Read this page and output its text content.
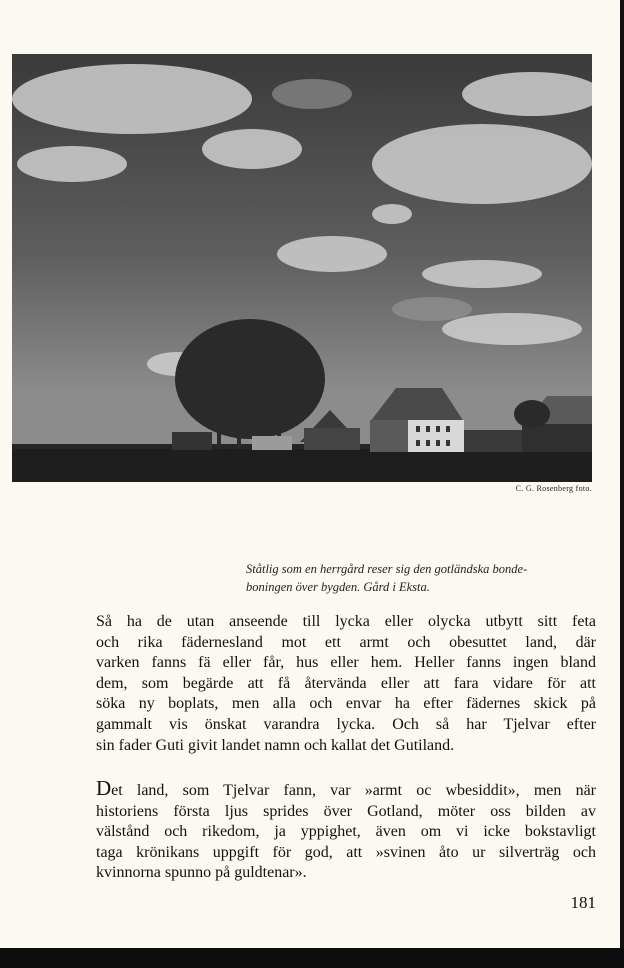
C. G. Rosenberg foto.
Ståtlig som en herrgård reser sig den gotländska bonde-
boningen över bygden. Gård i Eksta.
Så ha de utan anseende till lycka eller olycka utbytt sitt feta
och rika fädernesland mot ett armt och obesuttet land, där
varken fanns fä eller får, hus eller hem. Heller fanns ingen bland
dem, som begärde att få återvända eller att fara vidare för att
söka ny boplats, men alla och envar ha efter fädernes skick på
gammalt vis önskat varandra lycka. Och så har Tjelvar efter
sin fader Guti givit landet namn och kallat det Gutiland.
Det land, som Tjelvar fann, var »armt oc wbesiddit», men när
historiens första ljus sprides över Gotland, möter oss bilden av
välstånd och rikedom, ja yppighet, även om vi icke bokstavligt
taga krönikans uppgift för god, att »svinen åto ur silverträg och
kvinnorna spunno på guldtenar».
181
